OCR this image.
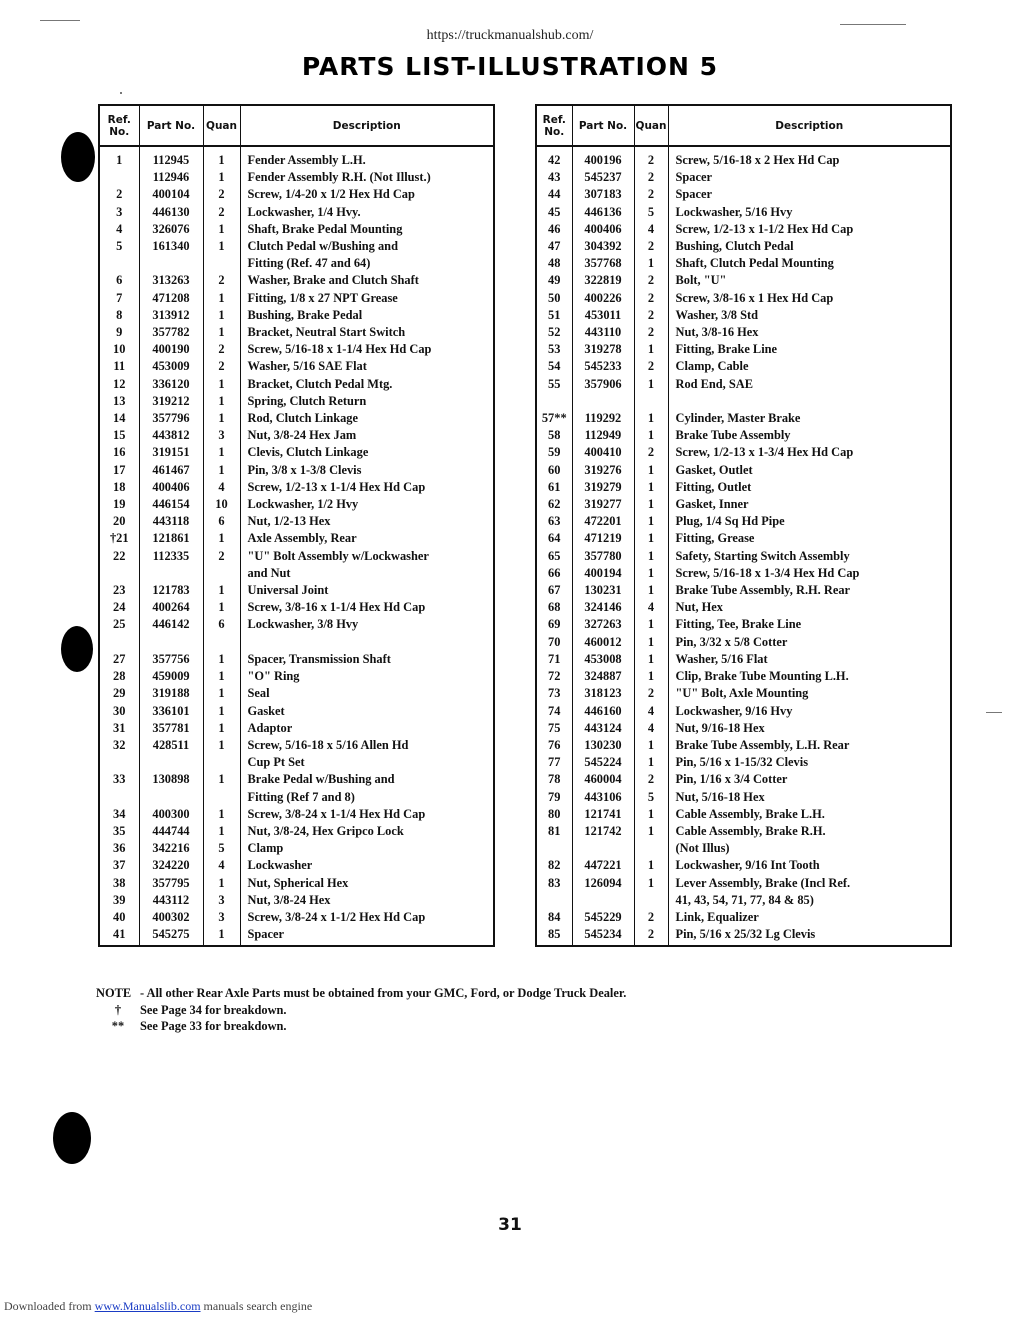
https://truckmanualshub.com/
PARTS LIST-ILLUSTRATION 5
Ref. No.	Part No.	Quan	Description
1	112945	1	Fender Assembly L.H.
	112946	1	Fender Assembly R.H. (Not Illust.)
2	400104	2	Screw, 1/4-20 x 1/2 Hex Hd Cap
3	446130	2	Lockwasher, 1/4 Hvy.
4	326076	1	Shaft, Brake Pedal Mounting
5	161340	1	Clutch Pedal w/Bushing and
			Fitting (Ref. 47 and 64)
6	313263	2	Washer, Brake and Clutch Shaft
7	471208	1	Fitting, 1/8 x 27 NPT Grease
8	313912	1	Bushing, Brake Pedal
9	357782	1	Bracket, Neutral Start Switch
10	400190	2	Screw, 5/16-18 x 1-1/4 Hex Hd Cap
11	453009	2	Washer, 5/16 SAE Flat
12	336120	1	Bracket, Clutch Pedal Mtg.
13	319212	1	Spring, Clutch Return
14	357796	1	Rod, Clutch Linkage
15	443812	3	Nut, 3/8-24 Hex Jam
16	319151	1	Clevis, Clutch Linkage
17	461467	1	Pin, 3/8 x 1-3/8 Clevis
18	400406	4	Screw, 1/2-13 x 1-1/4 Hex Hd Cap
19	446154	10	Lockwasher, 1/2 Hvy
20	443118	6	Nut, 1/2-13 Hex
†21	121861	1	Axle Assembly, Rear
22	112335	2	"U" Bolt Assembly w/Lockwasher
			and Nut
23	121783	1	Universal Joint
24	400264	1	Screw, 3/8-16 x 1-1/4 Hex Hd Cap
25	446142	6	Lockwasher, 3/8 Hvy

27	357756	1	Spacer, Transmission Shaft
28	459009	1	"O" Ring
29	319188	1	Seal
30	336101	1	Gasket
31	357781	1	Adaptor
32	428511	1	Screw, 5/16-18 x 5/16 Allen Hd
			Cup Pt Set
33	130898	1	Brake Pedal w/Bushing and
			Fitting (Ref 7 and 8)
34	400300	1	Screw, 3/8-24 x 1-1/4 Hex Hd Cap
35	444744	1	Nut, 3/8-24, Hex Gripco Lock
36	342216	5	Clamp
37	324220	4	Lockwasher
38	357795	1	Nut, Spherical Hex
39	443112	3	Nut, 3/8-24 Hex
40	400302	3	Screw, 3/8-24 x 1-1/2 Hex Hd Cap
41	545275	1	Spacer
Ref. No.	Part No.	Quan	Description
42	400196	2	Screw, 5/16-18 x 2 Hex Hd Cap
43	545237	2	Spacer
44	307183	2	Spacer
45	446136	5	Lockwasher, 5/16 Hvy
46	400406	4	Screw, 1/2-13 x 1-1/2 Hex Hd Cap
47	304392	2	Bushing, Clutch Pedal
48	357768	1	Shaft, Clutch Pedal Mounting
49	322819	2	Bolt, "U"
50	400226	2	Screw, 3/8-16 x 1 Hex Hd Cap
51	453011	2	Washer, 3/8 Std
52	443110	2	Nut, 3/8-16 Hex
53	319278	1	Fitting, Brake Line
54	545233	2	Clamp, Cable
55	357906	1	Rod End, SAE

57**	119292	1	Cylinder, Master Brake
58	112949	1	Brake Tube Assembly
59	400410	2	Screw, 1/2-13 x 1-3/4 Hex Hd Cap
60	319276	1	Gasket, Outlet
61	319279	1	Fitting, Outlet
62	319277	1	Gasket, Inner
63	472201	1	Plug, 1/4 Sq Hd Pipe
64	471219	1	Fitting, Grease
65	357780	1	Safety, Starting Switch Assembly
66	400194	1	Screw, 5/16-18 x 1-3/4 Hex Hd Cap
67	130231	1	Brake Tube Assembly, R.H. Rear
68	324146	4	Nut, Hex
69	327263	1	Fitting, Tee, Brake Line
70	460012	1	Pin, 3/32 x 5/8 Cotter
71	453008	1	Washer, 5/16 Flat
72	324887	1	Clip, Brake Tube Mounting L.H.
73	318123	2	"U" Bolt, Axle Mounting
74	446160	4	Lockwasher, 9/16 Hvy
75	443124	4	Nut, 9/16-18 Hex
76	130230	1	Brake Tube Assembly, L.H. Rear
77	545224	1	Pin, 5/16 x 1-15/32 Clevis
78	460004	2	Pin, 1/16 x 3/4 Cotter
79	443106	5	Nut, 5/16-18 Hex
80	121741	1	Cable Assembly, Brake L.H.
81	121742	1	Cable Assembly, Brake R.H.
			(Not Illus)
82	447221	1	Lockwasher, 9/16 Int Tooth
83	126094	1	Lever Assembly, Brake (Incl Ref.
			41, 43, 54, 71, 77, 84 & 85)
84	545229	2	Link, Equalizer
85	545234	2	Pin, 5/16 x 25/32 Lg Clevis
NOTE - All other Rear Axle Parts must be obtained from your GMC, Ford, or Dodge Truck Dealer.
†	See Page 34 for breakdown.
**	See Page 33 for breakdown.
31
Downloaded from www.Manualslib.com manuals search engine
